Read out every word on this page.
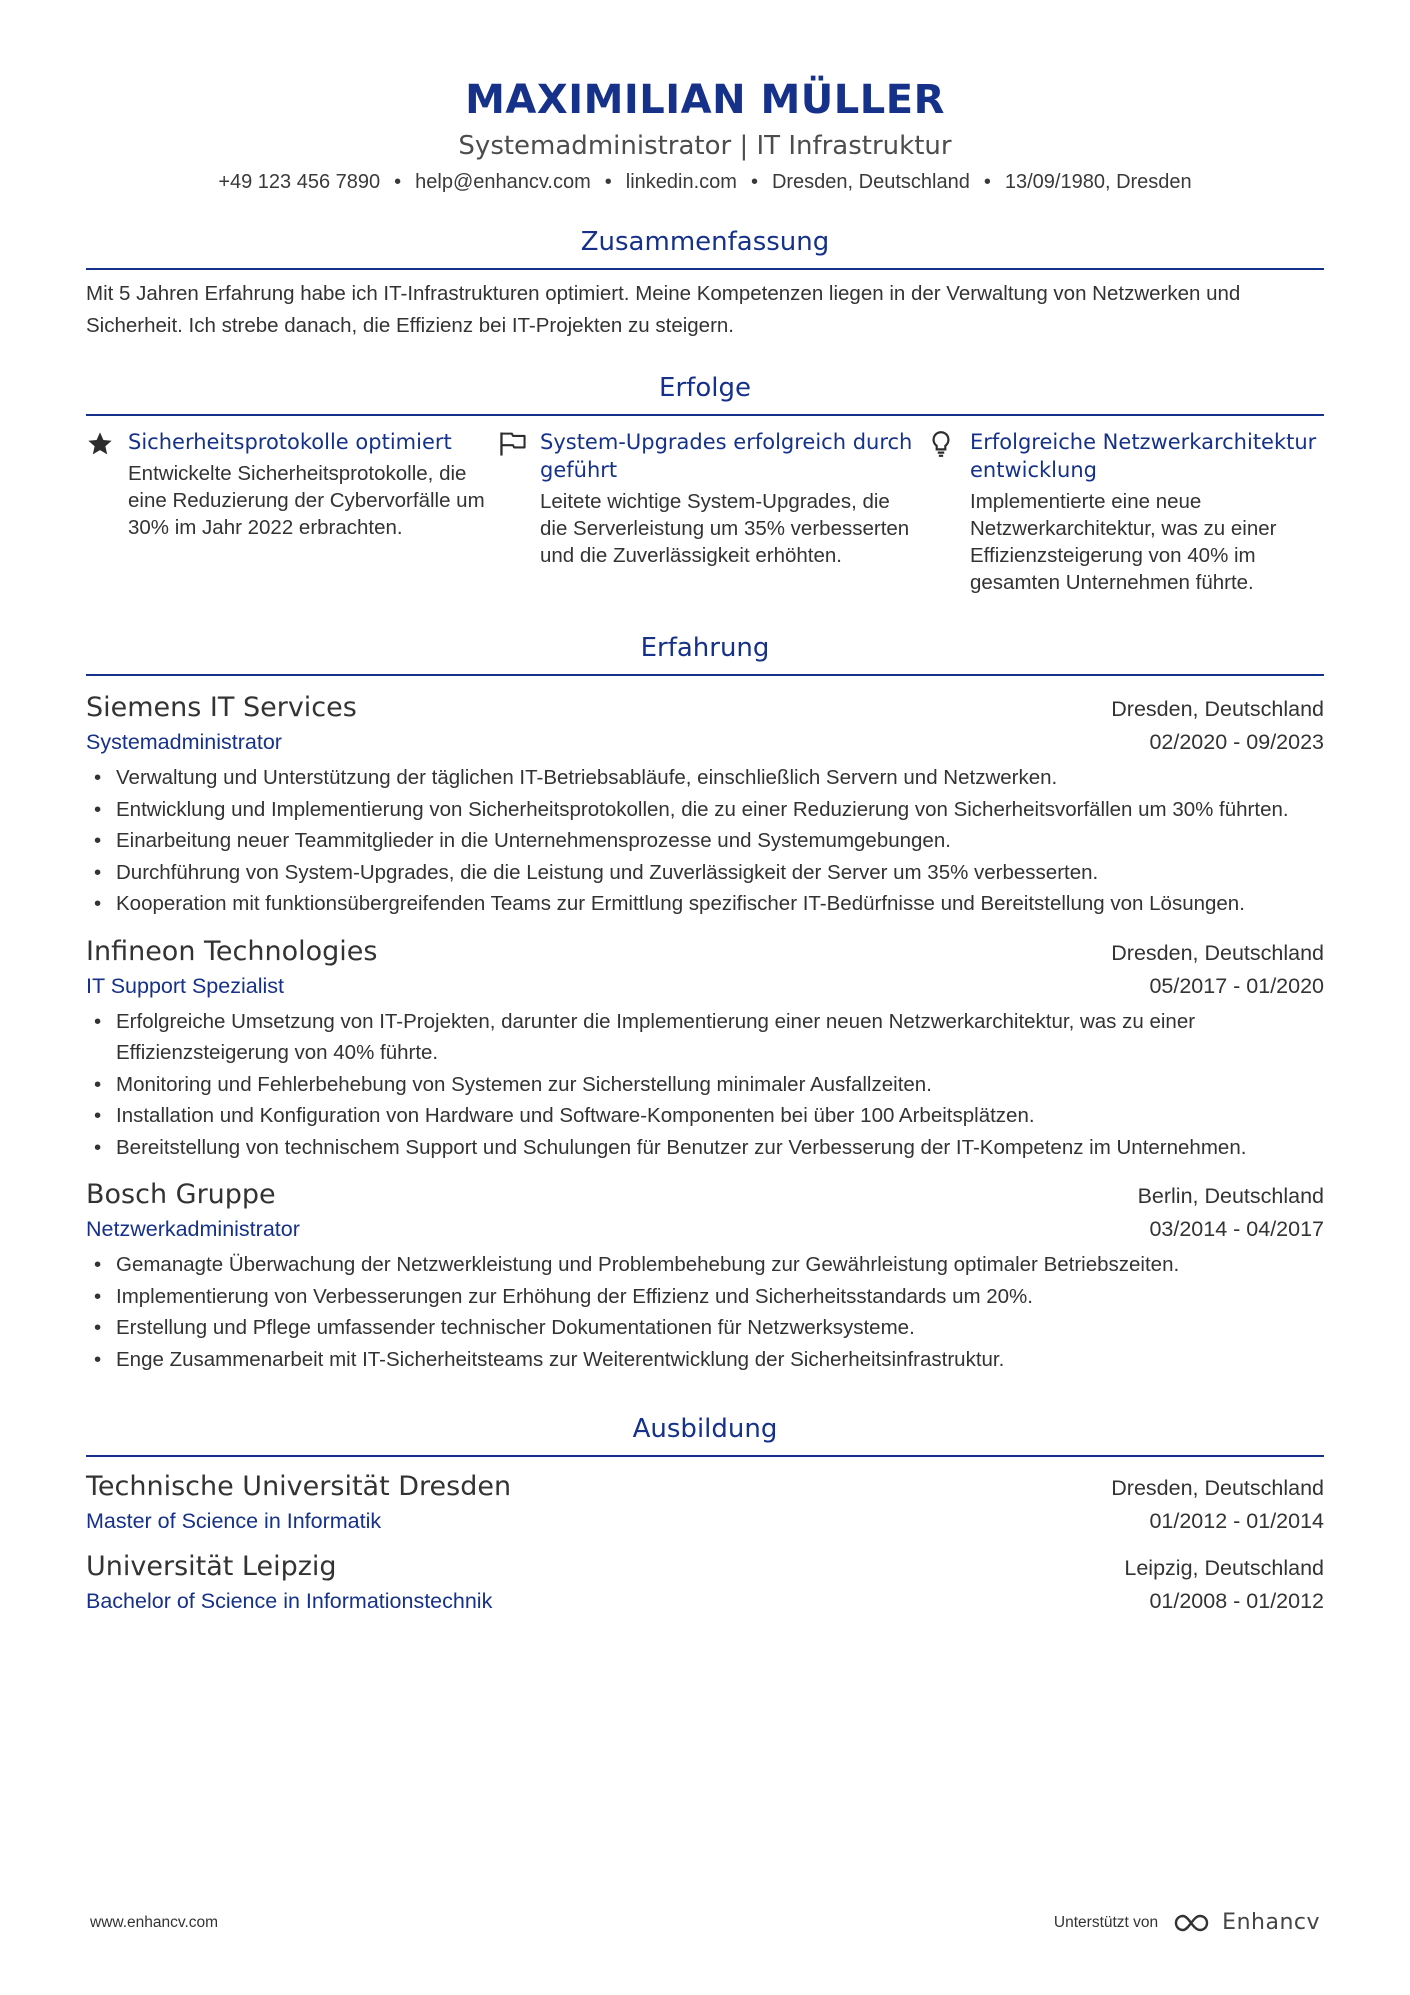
MAXIMILIAN MÜLLER
Systemadministrator | IT Infrastruktur
+49 123 456 7890 • help@enhancv.com • linkedin.com • Dresden, Deutschland • 13/09/1980, Dresden
Zusammenfassung
Mit 5 Jahren Erfahrung habe ich IT-Infrastrukturen optimiert. Meine Kompetenzen liegen in der Verwaltung von Netzwerken und Sicherheit. Ich strebe danach, die Effizienz bei IT-Projekten zu steigern.
Erfolge
Sicherheitsprotokolle optimiert
Entwickelte Sicherheitsprotokolle, die eine Reduzierung der Cybervorfälle um 30% im Jahr 2022 erbrachten.
System-Upgrades erfolgreich durchgeführt
Leitete wichtige System-Upgrades, die die Serverleistung um 35% verbesserten und die Zuverlässigkeit erhöhten.
Erfolgreiche Netzwerkarchitekturentwicklung
Implementierte eine neue Netzwerkarchitektur, was zu einer Effizienzsteigerung von 40% im gesamten Unternehmen führte.
Erfahrung
Siemens IT Services	Dresden, Deutschland
Systemadministrator	02/2020 - 09/2023
• Verwaltung und Unterstützung der täglichen IT-Betriebsabläufe, einschließlich Servern und Netzwerken.
• Entwicklung und Implementierung von Sicherheitsprotokollen, die zu einer Reduzierung von Sicherheitsvorfällen um 30% führten.
• Einarbeitung neuer Teammitglieder in die Unternehmensprozesse und Systemumgebungen.
• Durchführung von System-Upgrades, die die Leistung und Zuverlässigkeit der Server um 35% verbesserten.
• Kooperation mit funktionsübergreifenden Teams zur Ermittlung spezifischer IT-Bedürfnisse und Bereitstellung von Lösungen.
Infineon Technologies	Dresden, Deutschland
IT Support Spezialist	05/2017 - 01/2020
• Erfolgreiche Umsetzung von IT-Projekten, darunter die Implementierung einer neuen Netzwerkarchitektur, was zu einer Effizienzsteigerung von 40% führte.
• Monitoring und Fehlerbehebung von Systemen zur Sicherstellung minimaler Ausfallzeiten.
• Installation und Konfiguration von Hardware und Software-Komponenten bei über 100 Arbeitsplätzen.
• Bereitstellung von technischem Support und Schulungen für Benutzer zur Verbesserung der IT-Kompetenz im Unternehmen.
Bosch Gruppe	Berlin, Deutschland
Netzwerkadministrator	03/2014 - 04/2017
• Gemanagte Überwachung der Netzwerkleistung und Problembehebung zur Gewährleistung optimaler Betriebszeiten.
• Implementierung von Verbesserungen zur Erhöhung der Effizienz und Sicherheitsstandards um 20%.
• Erstellung und Pflege umfassender technischer Dokumentationen für Netzwerksysteme.
• Enge Zusammenarbeit mit IT-Sicherheitsteams zur Weiterentwicklung der Sicherheitsinfrastruktur.
Ausbildung
Technische Universität Dresden	Dresden, Deutschland
Master of Science in Informatik	01/2012 - 01/2014
Universität Leipzig	Leipzig, Deutschland
Bachelor of Science in Informationstechnik	01/2008 - 01/2012
www.enhancv.com	Unterstützt von	Enhancv
